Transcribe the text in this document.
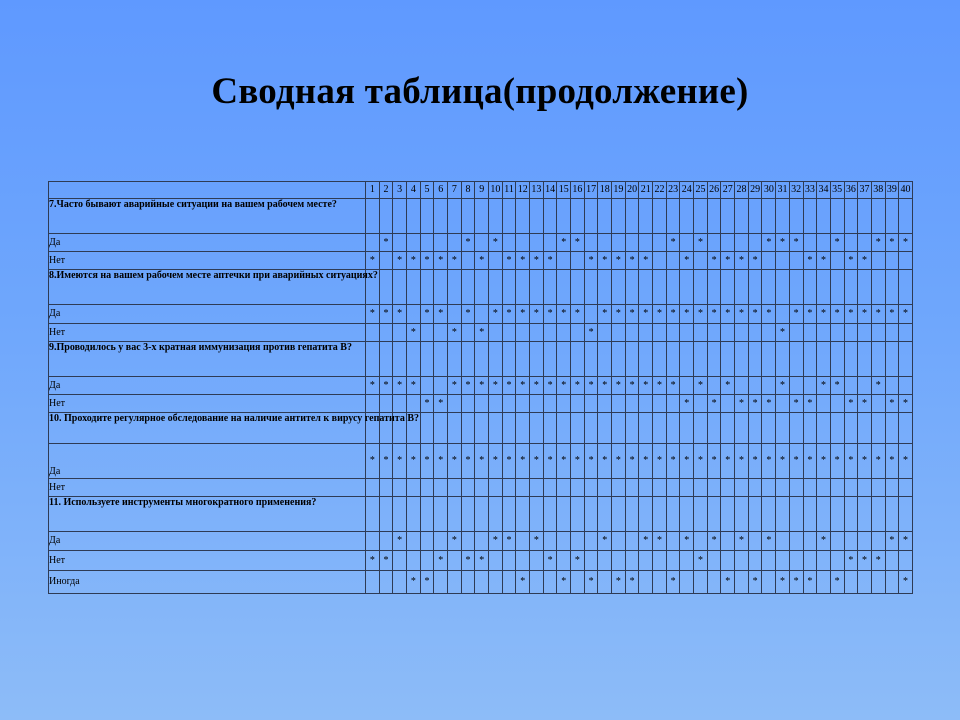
Сводная таблица(продолжение)
	1	2	3	4	5	6	7	8	9	10	11	12	13	14	15	16	17	18	19	20	21	22	23	24	25	26	27	28	29	30	31	32	33	34	35	36	37	38	39	40
7.Часто бывают аварийные ситуации на вашем рабочем месте?																																								
Да		*						*		*					*	*							*		*					*	*	*			*			*	*	*
Нет	*		*	*	*	*	*		*		*	*	*	*			*	*	*	*	*			*		*	*	*	*				*	*		*	*			
8.Имеются на вашем рабочем месте аптечки при аварийных ситуациях?																																								
Да	*	*	*		*	*		*		*	*	*	*	*	*	*		*	*	*	*	*	*	*	*	*	*	*	*	*		*	*	*	*	*	*	*	*	*
Нет				*			*		*								*														*									
9.Проводилось у вас 3-х кратная иммунизация против гепатита В?																																								
Да	*	*	*	*			*	*	*	*	*	*	*	*	*	*	*	*	*	*	*	*	*		*		*				*			*	*			*		
Нет					*	*																		*		*		*	*	*		*	*			*	*		*	*
10. Проходите регулярное обследование на наличие антител к вирусу гепатита В?																																								
Да	*	*	*	*	*	*	*	*	*	*	*	*	*	*	*	*	*	*	*	*	*	*	*	*	*	*	*	*	*	*	*	*	*	*	*	*	*	*	*	*
Нет																																								
11. Используете инструменты многократного применения?																																								
Да			*				*			*	*		*					*			*	*		*		*		*		*				*					*	*
Нет	*	*				*		*	*					*		*									*											*	*	*		
Иногда				*	*							*			*		*		*	*			*				*		*		*	*	*		*					*
